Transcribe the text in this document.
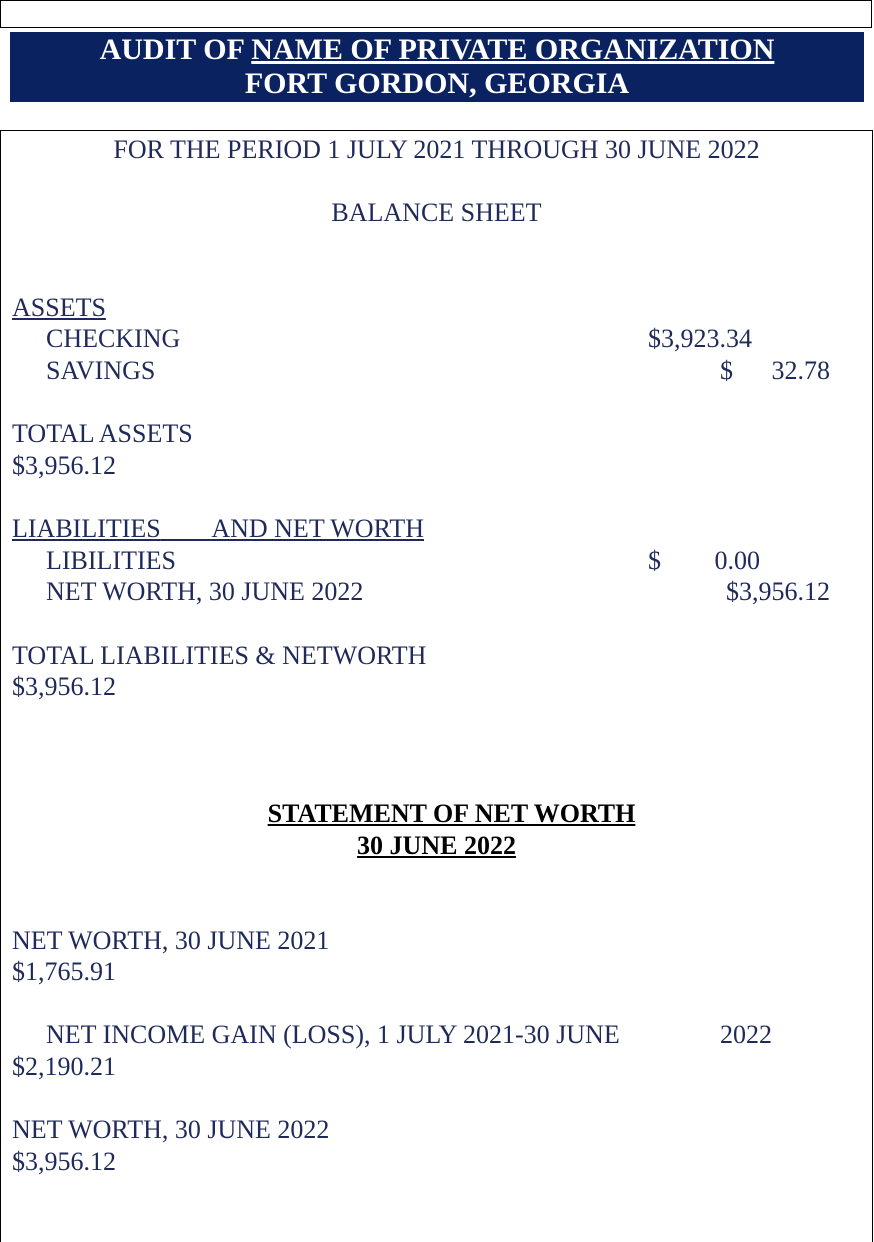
AUDIT OF NAME OF PRIVATE ORGANIZATION
FORT GORDON, GEORGIA
FOR THE PERIOD 1 JULY 2021 THROUGH 30 JUNE 2022
BALANCE SHEET
ASSETS
CHECKING	$3,923.34
SAVINGS	$	32.78
TOTAL ASSETS
$3,956.12
LIABILITIES AND NET WORTH
LIBILITIES	$	0.00
NET WORTH, 30 JUNE 2022	$3,956.12
TOTAL LIABILITIES & NETWORTH
$3,956.12
STATEMENT OF NET WORTH
30 JUNE 2022
NET WORTH, 30 JUNE 2021
$1,765.91
NET INCOME GAIN (LOSS), 1 JULY 2021-30 JUNE	2022
$2,190.21
NET WORTH, 30 JUNE 2022
$3,956.12
